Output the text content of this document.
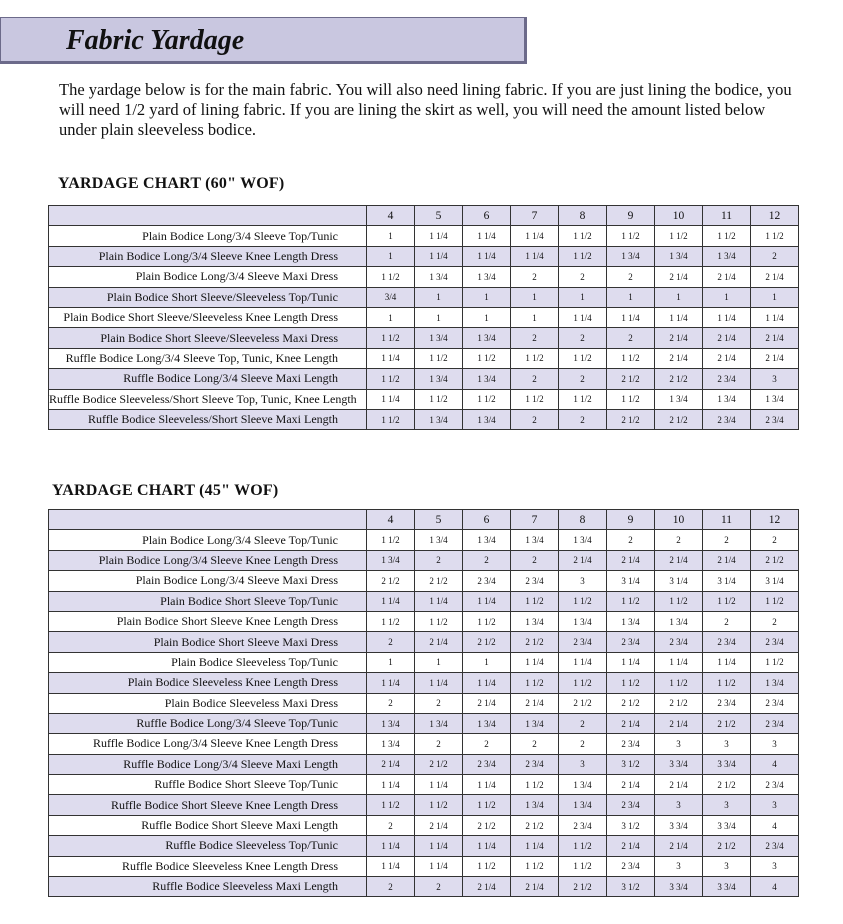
Fabric Yardage

The yardage below is for the main fabric. You will also need lining fabric. If you are just lining the bodice, you will need 1/2 yard of lining fabric. If you are lining the skirt as well, you will need the amount listed below under plain sleeveless bodice.

YARDAGE CHART (60" WOF)
	4	5	6	7	8	9	10	11	12
Plain Bodice Long/3/4 Sleeve Top/Tunic	1	1 1/4	1 1/4	1 1/4	1 1/2	1 1/2	1 1/2	1 1/2	1 1/2
Plain Bodice Long/3/4 Sleeve Knee Length Dress	1	1 1/4	1 1/4	1 1/4	1 1/2	1 3/4	1 3/4	1 3/4	2
Plain Bodice Long/3/4 Sleeve Maxi Dress	1 1/2	1 3/4	1 3/4	2	2	2	2 1/4	2 1/4	2 1/4
Plain Bodice Short Sleeve/Sleeveless Top/Tunic	3/4	1	1	1	1	1	1	1	1
Plain Bodice Short Sleeve/Sleeveless Knee Length Dress	1	1	1	1	1 1/4	1 1/4	1 1/4	1 1/4	1 1/4
Plain Bodice Short Sleeve/Sleeveless Maxi Dress	1 1/2	1 3/4	1 3/4	2	2	2	2 1/4	2 1/4	2 1/4
Ruffle Bodice Long/3/4 Sleeve Top, Tunic, Knee Length	1 1/4	1 1/2	1 1/2	1 1/2	1 1/2	1 1/2	2 1/4	2 1/4	2 1/4
Ruffle Bodice Long/3/4 Sleeve Maxi Length	1 1/2	1 3/4	1 3/4	2	2	2 1/2	2 1/2	2 3/4	3
Ruffle Bodice Sleeveless/Short Sleeve Top, Tunic, Knee Length	1 1/4	1 1/2	1 1/2	1 1/2	1 1/2	1 1/2	1 3/4	1 3/4	1 3/4
Ruffle Bodice Sleeveless/Short Sleeve Maxi Length	1 1/2	1 3/4	1 3/4	2	2	2 1/2	2 1/2	2 3/4	2 3/4
YARDAGE CHART (45" WOF)
	4	5	6	7	8	9	10	11	12
Plain Bodice Long/3/4 Sleeve Top/Tunic	1 1/2	1 3/4	1 3/4	1 3/4	1 3/4	2	2	2	2
Plain Bodice Long/3/4 Sleeve Knee Length Dress	1 3/4	2	2	2	2 1/4	2 1/4	2 1/4	2 1/4	2 1/2
Plain Bodice Long/3/4 Sleeve Maxi Dress	2 1/2	2 1/2	2 3/4	2 3/4	3	3 1/4	3 1/4	3 1/4	3 1/4
Plain Bodice Short Sleeve Top/Tunic	1 1/4	1 1/4	1 1/4	1 1/2	1 1/2	1 1/2	1 1/2	1 1/2	1 1/2
Plain Bodice Short Sleeve Knee Length Dress	1 1/2	1 1/2	1 1/2	1 3/4	1 3/4	1 3/4	1 3/4	2	2
Plain Bodice Short Sleeve Maxi Dress	2	2 1/4	2 1/2	2 1/2	2 3/4	2 3/4	2 3/4	2 3/4	2 3/4
Plain Bodice Sleeveless Top/Tunic	1	1	1	1 1/4	1 1/4	1 1/4	1 1/4	1 1/4	1 1/2
Plain Bodice Sleeveless Knee Length Dress	1 1/4	1 1/4	1 1/4	1 1/2	1 1/2	1 1/2	1 1/2	1 1/2	1 3/4
Plain Bodice Sleeveless Maxi Dress	2	2	2 1/4	2 1/4	2 1/2	2 1/2	2 1/2	2 3/4	2 3/4
Ruffle Bodice Long/3/4 Sleeve Top/Tunic	1 3/4	1 3/4	1 3/4	1 3/4	2	2 1/4	2 1/4	2 1/2	2 3/4
Ruffle Bodice Long/3/4 Sleeve Knee Length Dress	1 3/4	2	2	2	2	2 3/4	3	3	3
Ruffle Bodice Long/3/4 Sleeve Maxi Length	2 1/4	2 1/2	2 3/4	2 3/4	3	3 1/2	3 3/4	3 3/4	4
Ruffle Bodice Short Sleeve Top/Tunic	1 1/4	1 1/4	1 1/4	1 1/2	1 3/4	2 1/4	2 1/4	2 1/2	2 3/4
Ruffle Bodice Short Sleeve Knee Length Dress	1 1/2	1 1/2	1 1/2	1 3/4	1 3/4	2 3/4	3	3	3
Ruffle Bodice Short Sleeve Maxi Length	2	2 1/4	2 1/2	2 1/2	2 3/4	3 1/2	3 3/4	3 3/4	4
Ruffle Bodice Sleeveless Top/Tunic	1 1/4	1 1/4	1 1/4	1 1/4	1 1/2	2 1/4	2 1/4	2 1/2	2 3/4
Ruffle Bodice Sleeveless Knee Length Dress	1 1/4	1 1/4	1 1/2	1 1/2	1 1/2	2 3/4	3	3	3
Ruffle Bodice Sleeveless Maxi Length	2	2	2 1/4	2 1/4	2 1/2	3 1/2	3 3/4	3 3/4	4
